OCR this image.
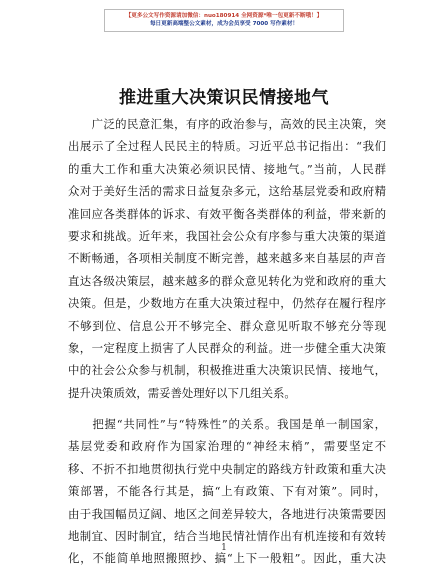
【更多公文写作资源请加微信：nuo180914 全网资源*唯一包更新不断哦！】
每日更新高端整公文素材，成为会员享受 7000 写作素材！
推进重大决策识民情接地气
　　广泛的民意汇集，有序的政治参与，高效的民主决策，突
出展示了全过程人民民主的特质。习近平总书记指出：“我们
的重大工作和重大决策必须识民情、接地气。”当前，人民群
众对于美好生活的需求日益复杂多元，这给基层党委和政府精
准回应各类群体的诉求、有效平衡各类群体的利益，带来新的
要求和挑战。近年来，我国社会公众有序参与重大决策的渠道
不断畅通，各项相关制度不断完善，越来越多来自基层的声音
直达各级决策层，越来越多的群众意见转化为党和政府的重大
决策。但是，少数地方在重大决策过程中，仍然存在履行程序
不够到位、信息公开不够完全、群众意见听取不够充分等现
象，一定程度上损害了人民群众的利益。进一步健全重大决策
中的社会公众参与机制，积极推进重大决策识民情、接地气，
提升决策质效，需妥善处理好以下几组关系。
　　把握“共同性”与“特殊性”的关系。我国是单一制国家，
基层党委和政府作为国家治理的“神经末梢”，需要坚定不
移、不折不扣地贯彻执行党中央制定的路线方针政策和重大决
策部署，不能各行其是，搞“上有政策、下有对策”。同时，
由于我国幅员辽阔、地区之间差异较大，各地进行决策需要因
地制宜、因时制宜，结合当地民情社情作出有机连接和有效转
化，不能简单地照搬照抄、搞“上下一般粗”。因此，重大决
1
